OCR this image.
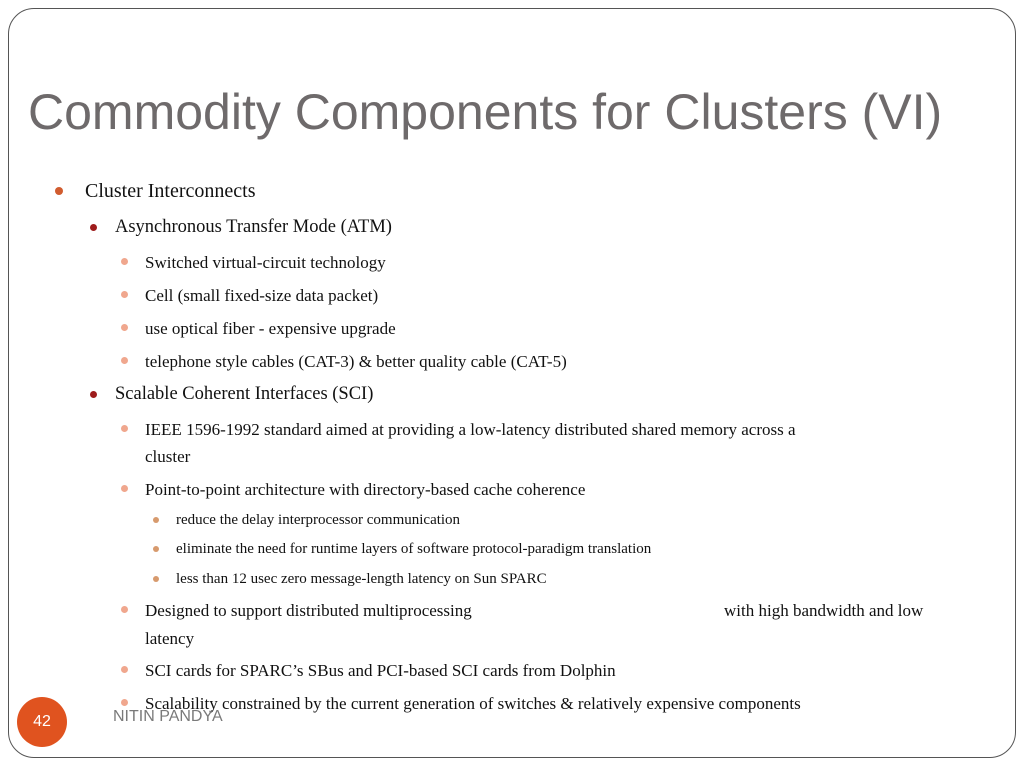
Commodity Components for Clusters (VI)
Cluster Interconnects
Asynchronous Transfer Mode (ATM)
Switched virtual-circuit technology
Cell (small fixed-size data packet)
use optical fiber - expensive upgrade
telephone style cables (CAT-3) & better quality cable (CAT-5)
Scalable Coherent Interfaces (SCI)
IEEE 1596-1992 standard aimed at providing a low-latency distributed shared memory across a
cluster
Point-to-point architecture with directory-based cache coherence
reduce the delay interprocessor communication
eliminate the need for runtime layers of software protocol-paradigm translation
less than 12 usec zero message-length latency on Sun SPARC
Designed to support distributed multiprocessing	with high bandwidth and low
latency
SCI cards for SPARC’s SBus and PCI-based SCI cards from Dolphin
Scalability constrained by the current generation of switches & relatively expensive components
42	NITIN PANDYA
